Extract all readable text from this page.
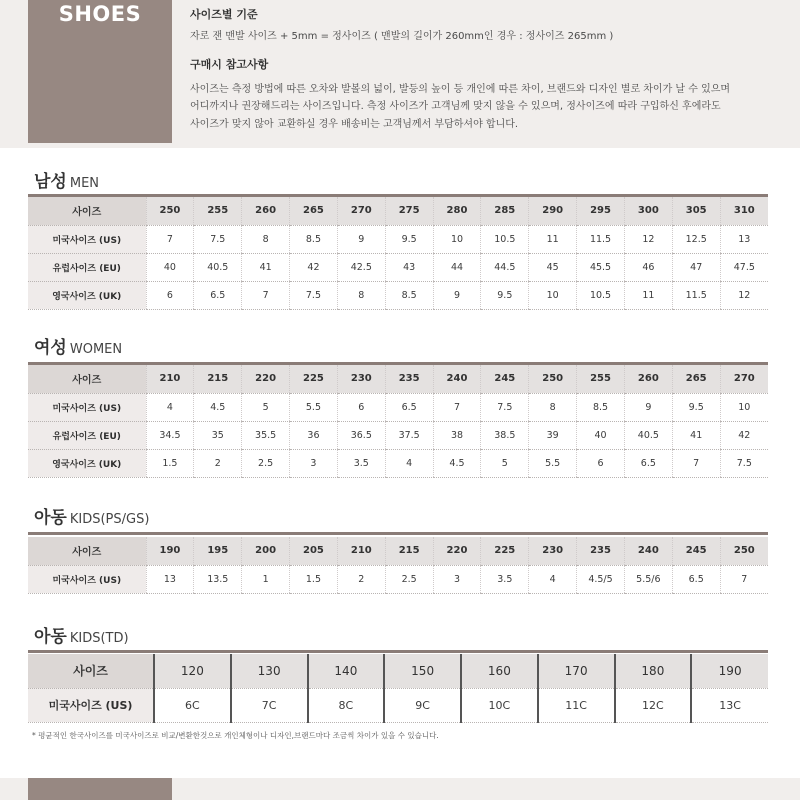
SHOES	사이즈별 기준
자로 잰 맨발 사이즈 + 5mm = 정사이즈 ( 맨발의 길이가 260mm인 경우 : 정사이즈 265mm )
구매시 참고사항
사이즈는 측정 방법에 따른 오차와 발볼의 넓이, 발등의 높이 등 개인에 따른 차이, 브랜드와 디자인 별로 차이가 날 수 있으며
어디까지나 권장해드리는 사이즈입니다. 측정 사이즈가 고객님께 맞지 않을 수 있으며, 정사이즈에 따라 구입하신 후에라도
사이즈가 맞지 않아 교환하실 경우 배송비는 고객님께서 부담하셔야 합니다.
남성 MEN
사이즈	250	255	260	265	270	275	280	285	290	295	300	305	310
미국사이즈 (US)	7	7.5	8	8.5	9	9.5	10	10.5	11	11.5	12	12.5	13
유럽사이즈 (EU)	40	40.5	41	42	42.5	43	44	44.5	45	45.5	46	47	47.5
영국사이즈 (UK)	6	6.5	7	7.5	8	8.5	9	9.5	10	10.5	11	11.5	12
여성 WOMEN
사이즈	210	215	220	225	230	235	240	245	250	255	260	265	270
미국사이즈 (US)	4	4.5	5	5.5	6	6.5	7	7.5	8	8.5	9	9.5	10
유럽사이즈 (EU)	34.5	35	35.5	36	36.5	37.5	38	38.5	39	40	40.5	41	42
영국사이즈 (UK)	1.5	2	2.5	3	3.5	4	4.5	5	5.5	6	6.5	7	7.5
아동 KIDS(PS/GS)
사이즈	190	195	200	205	210	215	220	225	230	235	240	245	250
미국사이즈 (US)	13	13.5	1	1.5	2	2.5	3	3.5	4	4.5/5	5.5/6	6.5	7
아동 KIDS(TD)
사이즈	120	130	140	150	160	170	180	190
미국사이즈 (US)	6C	7C	8C	9C	10C	11C	12C	13C
* 평균적인 한국사이즈를 미국사이즈로 비교/변환한것으로 개인체형이나 디자인,브랜드마다 조금씩 차이가 있을 수 있습니다.
